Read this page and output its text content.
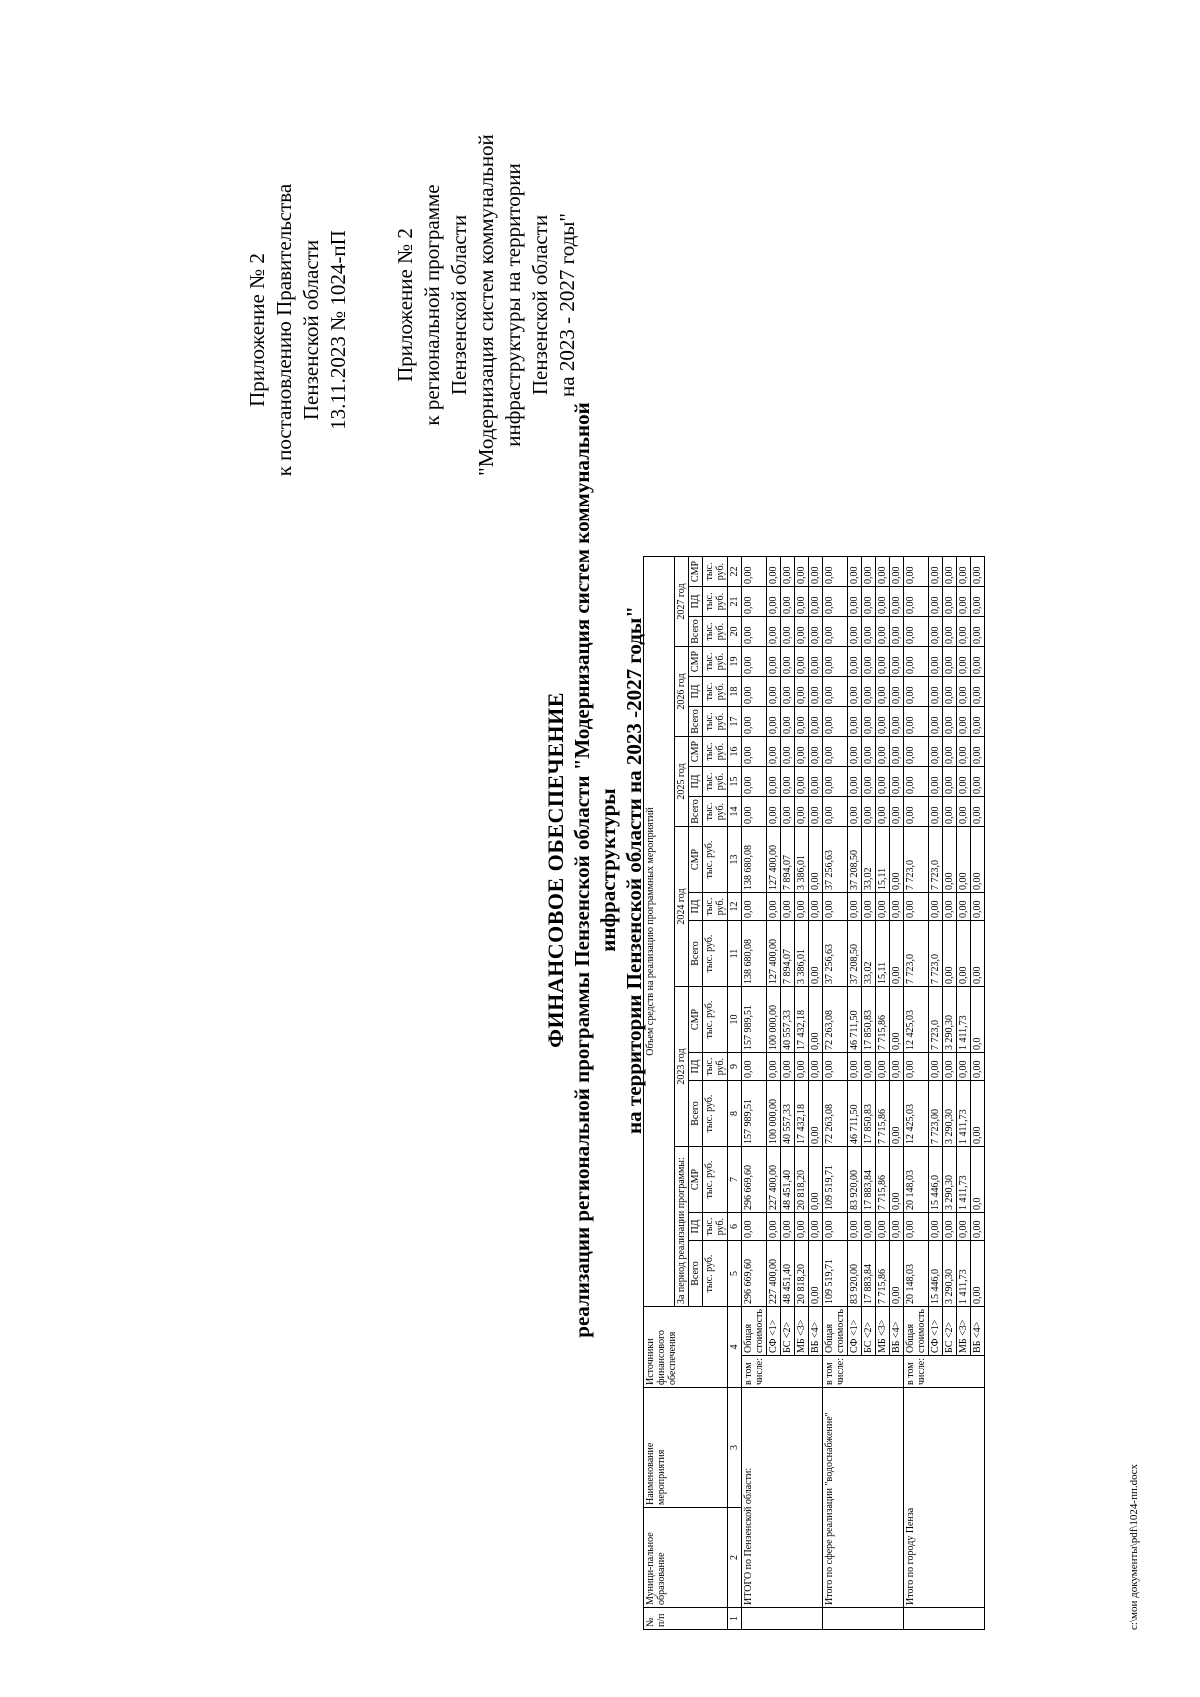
Приложение № 2 к постановлению Правительства Пензенской области 13.11.2023 № 1024-пП Приложение № 2 к региональной программе Пензенской области "Модернизация систем коммунальной инфраструктуры на территории Пензенской области на 2023 - 2027 годы"
ФИНАНСОВОЕ ОБЕСПЕЧЕНИЕ реализации региональной программы Пензенской области "Модернизация систем коммунальной инфраструктуры на территории Пензенской области на 2023 -2027 годы"
№ п/п	Муници-пальное образование	Наименование мероприятия	Источники финансового обеспечения		Объем средств на реализацию программных мероприятий																	
					За период реализации программы:			2023 год			2024 год			2025 год			2026 год			2027 год		
					Всего	ПД	СМР	Всего	ПД	СМР	Всего	ПД	СМР	Всего	ПД	СМР	Всего	ПД	СМР	Всего	ПД	СМР
					тыс. руб.	тыс. руб.	тыс. руб.	тыс. руб.	тыс. руб.	тыс. руб.	тыс. руб.	тыс. руб.	тыс. руб.	тыс. руб.	тыс. руб.	тыс. руб.	тыс. руб.	тыс. руб.	тыс. руб.	тыс. руб.	тыс. руб.	тыс. руб.
1	2	3	4		5	6	7	8	9	10	11	12	13	14	15	16	17	18	19	20	21	22
	ИТОГО по Пензенской области:		в том числе:	Общая стоимость	296 669,60	0,00	296 669,60	157 989,51	0,00	157 989,51	138 680,08	0,00	138 680,08	0,00	0,00	0,00	0,00	0,00	0,00	0,00	0,00	0,00
				СФ <1>	227 400,00	0,00	227 400,00	100 000,00	0,00	100 000,00	127 400,00	0,00	127 400,00	0,00	0,00	0,00	0,00	0,00	0,00	0,00	0,00	0,00
				БС <2>	48 451,40	0,00	48 451,40	40 557,33	0,00	40 557,33	7 894,07	0,00	7 894,07	0,00	0,00	0,00	0,00	0,00	0,00	0,00	0,00	0,00
				МБ <3>	20 818,20	0,00	20 818,20	17 432,18	0,00	17 432,18	3 386,01	0,00	3 386,01	0,00	0,00	0,00	0,00	0,00	0,00	0,00	0,00	0,00
				ВБ <4>	0,00	0,00	0,00	0,00	0,00	0,00	0,00	0,00	0,00	0,00	0,00	0,00	0,00	0,00	0,00	0,00	0,00	0,00
	Итого по сфере реализации "водоснабжение"		в том числе:	Общая стоимость	109 519,71	0,00	109 519,71	72 263,08	0,00	72 263,08	37 256,63	0,00	37 256,63	0,00	0,00	0,00	0,00	0,00	0,00	0,00	0,00	0,00
				СФ <1>	83 920,00	0,00	83 920,00	46 711,50	0,00	46 711,50	37 208,50	0,00	37 208,50	0,00	0,00	0,00	0,00	0,00	0,00	0,00	0,00	0,00
				БС <2>	17 883,84	0,00	17 883,84	17 850,83	0,00	17 850,83	33,02	0,00	33,02	0,00	0,00	0,00	0,00	0,00	0,00	0,00	0,00	0,00
				МБ <3>	7 715,86	0,00	7 715,86	7 715,86	0,00	7 715,86	15,11	0,00	15,11	0,00	0,00	0,00	0,00	0,00	0,00	0,00	0,00	0,00
				ВБ <4>	0,00	0,00	0,00	0,00	0,00	0,00	0,00	0,00	0,00	0,00	0,00	0,00	0,00	0,00	0,00	0,00	0,00	0,00
	Итого по городу Пенза		в том числе:	Общая стоимость	20 148,03	0,00	20 148,03	12 425,03	0,00	12 425,03	7 723,0	0,00	7 723,0	0,00	0,00	0,00	0,00	0,00	0,00	0,00	0,00	0,00
				СФ <1>	15 446,0	0,00	15 446,0	7 723,00	0,00	7 723,0	7 723,0	0,00	7 723,0	0,00	0,00	0,00	0,00	0,00	0,00	0,00	0,00	0,00
				БС <2>	3 290,30	0,00	3 290,30	3 290,30	0,00	3 290,30	0,00	0,00	0,00	0,00	0,00	0,00	0,00	0,00	0,00	0,00	0,00	0,00
				МБ <3>	1 411,73	0,00	1 411,73	1 411,73	0,00	1 411,73	0,00	0,00	0,00	0,00	0,00	0,00	0,00	0,00	0,00	0,00	0,00	0,00
				ВБ <4>	0,00	0,00	0,0	0,00	0,00	0,0	0,00	0,00	0,00	0,00	0,00	0,00	0,00	0,00	0,00	0,00	0,00	0,00
c:\мои документы\pdf\1024-пп.docx
